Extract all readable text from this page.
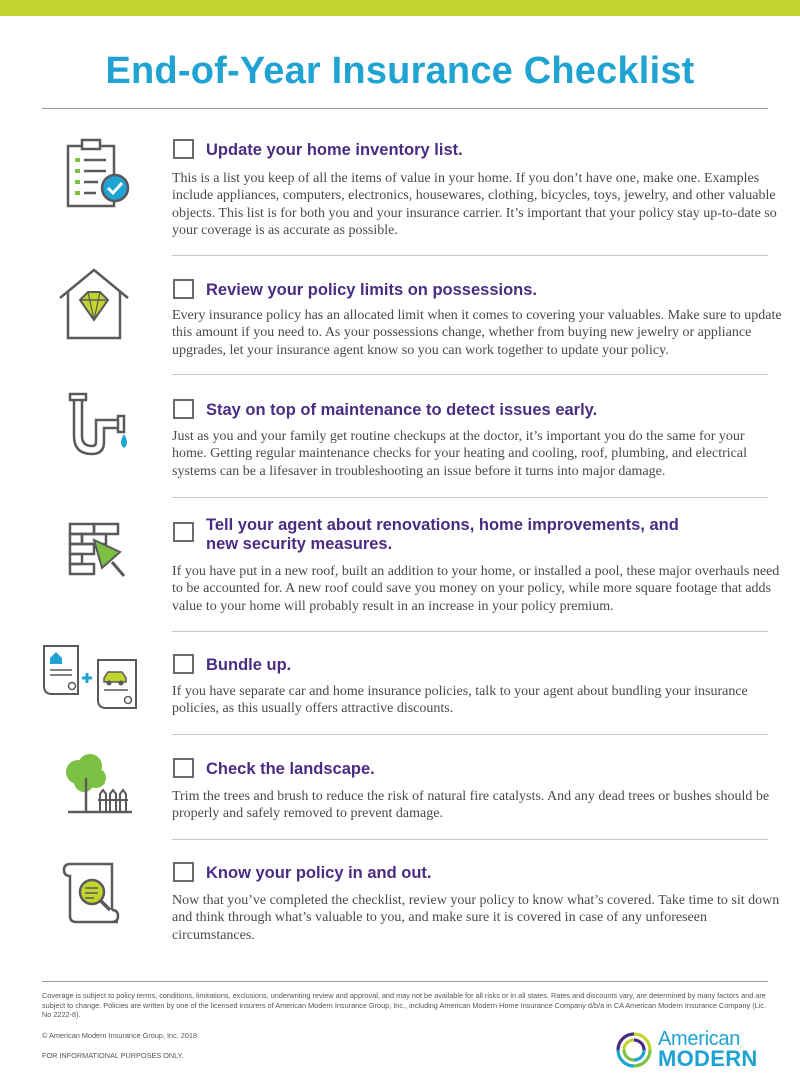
End-of-Year Insurance Checklist
Update your home inventory list.

This is a list you keep of all the items of value in your home. If you don’t have one, make one. Examples include appliances, computers, electronics, housewares, clothing, bicycles, toys, jewelry, and other valuable objects. This list is for both you and your insurance carrier. It’s important that your policy stay up-to-date so your coverage is as accurate as possible.

Review your policy limits on possessions.

Every insurance policy has an allocated limit when it comes to covering your valuables. Make sure to update this amount if you need to. As your possessions change, whether from buying new jewelry or appliance upgrades, let your insurance agent know so you can work together to update your policy.

Stay on top of maintenance to detect issues early.

Just as you and your family get routine checkups at the doctor, it’s important you do the same for your home. Getting regular maintenance checks for your heating and cooling, roof, plumbing, and electrical systems can be a lifesaver in troubleshooting an issue before it turns into major damage.

Tell your agent about renovations, home improvements, and new security measures.

If you have put in a new roof, built an addition to your home, or installed a pool, these major overhauls need to be accounted for. A new roof could save you money on your policy, while more square footage that adds value to your home will probably result in an increase in your policy premium.

Bundle up.

If you have separate car and home insurance policies, talk to your agent about bundling your insurance policies, as this usually offers attractive discounts.

Check the landscape.

Trim the trees and brush to reduce the risk of natural fire catalysts. And any dead trees or bushes should be properly and safely removed to prevent damage.

Know your policy in and out.

Now that you’ve completed the checklist, review your policy to know what’s covered. Take time to sit down and think through what’s valuable to you, and make sure it is covered in case of any unforeseen circumstances.

Coverage is subject to policy terms, conditions, limitations, exclusions, underwriting review and approval, and may not be available for all risks or in all states. Rates and discounts vary, are determined by many factors and are subject to change. Policies are written by one of the licensed insurers of American Modern Insurance Group, Inc., including American Modern Home Insurance Company d/b/a in CA American Modern Insurance Company (Lic. No 2222-8).

© American Modern Insurance Group, Inc. 2018

FOR INFORMATIONAL PURPOSES ONLY.

American
MODERN
